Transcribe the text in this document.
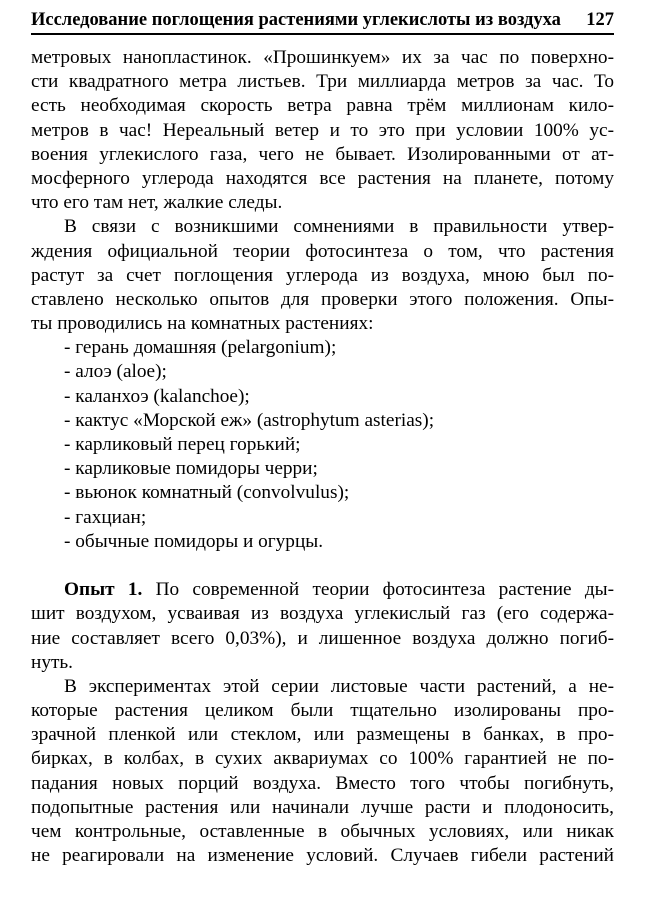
Исследование поглощения растениями углекислоты из воздуха 127
метровых нанопластинок. «Прошинкуем» их за час по поверхно-
сти квадратного метра листьев. Три миллиарда метров за час. То
есть необходимая скорость ветра равна трём миллионам кило-
метров в час! Нереальный ветер и то это при условии 100% ус-
воения углекислого газа, чего не бывает. Изолированными от ат-
мосферного углерода находятся все растения на планете, потому
что его там нет, жалкие следы.
В связи с возникшими сомнениями в правильности утвер-
ждения официальной теории фотосинтеза о том, что растения
растут за счет поглощения углерода из воздуха, мною был по-
ставлено несколько опытов для проверки этого положения. Опы-
ты проводились на комнатных растениях:
- герань домашняя (pelargonium);
- алоэ (aloe);
- каланхоэ (kalanchoe);
- кактус «Морской еж» (astrophytum asterias);
- карликовый перец горький;
- карликовые помидоры черри;
- вьюнок комнатный (convolvulus);
- гахциан;
- обычные помидоры и огурцы.
Опыт 1. По современной теории фотосинтеза растение ды-
шит воздухом, усваивая из воздуха углекислый газ (его содержа-
ние составляет всего 0,03%), и лишенное воздуха должно погиб-
нуть.
В экспериментах этой серии листовые части растений, а не-
которые растения целиком были тщательно изолированы про-
зрачной пленкой или стеклом, или размещены в банках, в про-
бирках, в колбах, в сухих аквариумах со 100% гарантией не по-
падания новых порций воздуха. Вместо того чтобы погибнуть,
подопытные растения или начинали лучше расти и плодоносить,
чем контрольные, оставленные в обычных условиях, или никак
не реагировали на изменение условий. Случаев гибели растений
